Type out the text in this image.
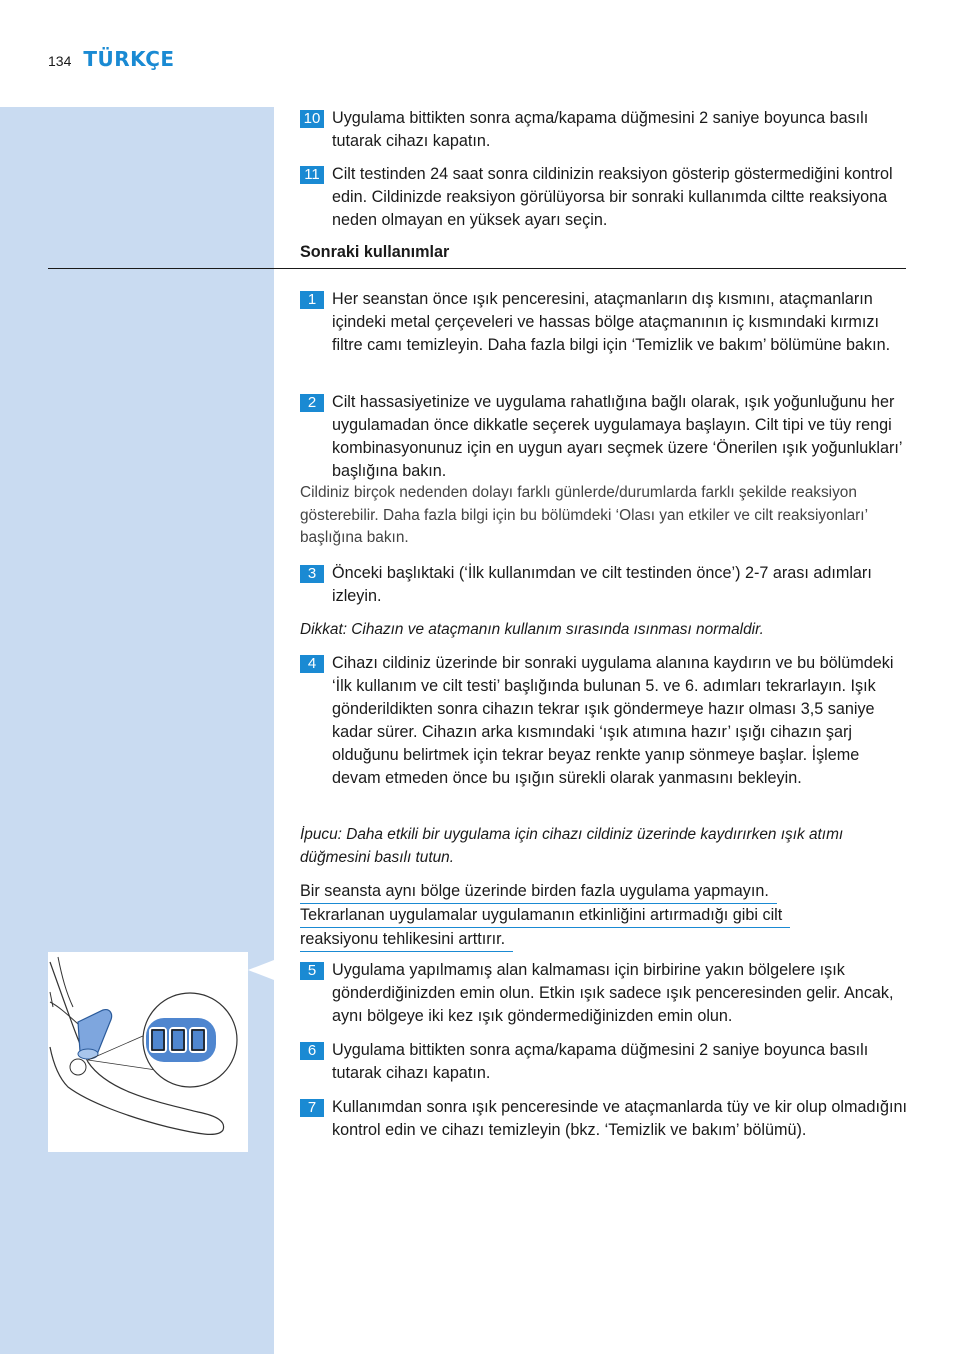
134 TÜRKÇE
10 Uygulama bittikten sonra açma/kapama düğmesini 2 saniye boyunca basılı tutarak cihazı kapatın.
11 Cilt testinden 24 saat sonra cildinizin reaksiyon gösterip göstermediğini kontrol edin. Cildinizde reaksiyon görülüyorsa bir sonraki kullanımda ciltte reaksiyona neden olmayan en yüksek ayarı seçin.
Sonraki kullanımlar
1 Her seanstan önce ışık penceresini, ataçmanların dış kısmını, ataçmanların içindeki metal çerçeveleri ve hassas bölge ataçmanının iç kısmındaki kırmızı filtre camı temizleyin. Daha fazla bilgi için ‘Temizlik ve bakım’ bölümüne bakın.
2 Cilt hassasiyetinize ve uygulama rahatlığına bağlı olarak, ışık yoğunluğunu her uygulamadan önce dikkatle seçerek uygulamaya başlayın. Cilt tipi ve tüy rengi kombinasyonunuz için en uygun ayarı seçmek üzere ‘Önerilen ışık yoğunlukları’ başlığına bakın.
Cildiniz birçok nedenden dolayı farklı günlerde/durumlarda farklı şekilde reaksiyon gösterebilir. Daha fazla bilgi için bu bölümdeki ‘Olası yan etkiler ve cilt reaksiyonları’ başlığına bakın.
3 Önceki başlıktaki (‘İlk kullanımdan ve cilt testinden önce’) 2-7 arası adımları izleyin.
Dikkat: Cihazın ve ataçmanın kullanım sırasında ısınması normaldir.
4 Cihazı cildiniz üzerinde bir sonraki uygulama alanına kaydırın ve bu bölümdeki ‘İlk kullanım ve cilt testi’ başlığında bulunan 5. ve 6. adımları tekrarlayın. Işık gönderildikten sonra cihazın tekrar ışık göndermeye hazır olması 3,5 saniye kadar sürer. Cihazın arka kısmındaki ‘ışık atımına hazır’ ışığı cihazın şarj olduğunu belirtmek için tekrar beyaz renkte yanıp sönmeye başlar. İşleme devam etmeden önce bu ışığın sürekli olarak yanmasını bekleyin.
İpucu: Daha etkili bir uygulama için cihazı cildiniz üzerinde kaydırırken ışık atımı düğmesini basılı tutun.
Bir seansta aynı bölge üzerinde birden fazla uygulama yapmayın.
Tekrarlanan uygulamalar uygulamanın etkinliğini artırmadığı gibi cilt
reaksiyonu tehlikesini arttırır.
5 Uygulama yapılmamış alan kalmaması için birbirine yakın bölgelere ışık gönderdiğinizden emin olun. Etkin ışık sadece ışık penceresinden gelir. Ancak, aynı bölgeye iki kez ışık göndermediğinizden emin olun.
6 Uygulama bittikten sonra açma/kapama düğmesini 2 saniye boyunca basılı tutarak cihazı kapatın.
7 Kullanımdan sonra ışık penceresinde ve ataçmanlarda tüy ve kir olup olmadığını kontrol edin ve cihazı temizleyin (bkz. ‘Temizlik ve bakım’ bölümü).
